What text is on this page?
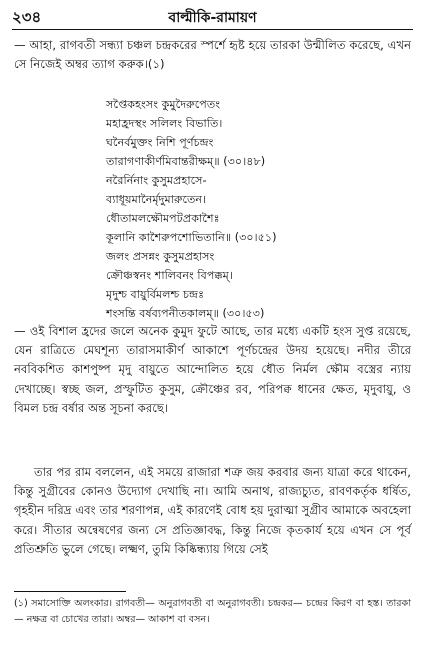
২৩৪	বাল্মীকি-রামায়ণ

— আহা, রাগবতী সন্ধ্যা চঞ্চল চন্দ্রকরের স্পর্শে হৃষ্ট হয়ে তারকা উন্মীলিত করেছে, এখন সে নিজেই অম্বর ত্যাগ করুক।(১)

সপ্তৈকহংসং কুমুদৈরুপেতং
মহাহ্রদস্থং সলিলং বিভাতি।
ঘনৈর্বমুক্তং নিশি পূর্ণচন্দ্রং
তারাগণাকীর্ণমিবান্তরীক্ষম্॥ (৩০।৪৮)
নরৈর্নিনাং কুসুমপ্রহাসে-
ব্যাধূয়মানৈর্মৃদুমারুতেন।
ধৌতামলক্ষৌমপটপ্রকাশৈঃ
কূলানি কাশৈরুপশোভিতানি॥ (৩০।৫১)
জলং প্রসন্নং কুসুমপ্রহাসং
ক্রৌঞ্চস্বনং শালিবনং বিপক্কম্।
মৃদুশ্চ বায়ুর্বিমলশ্চ চন্দ্রঃ
শংসন্তি বর্ষব্যপনীতকালম্॥ (৩০।৫৩)

— ওই বিশাল হ্রদের জলে অনেক কুমুদ ফুটে আছে, তার মধ্যে একটি হংস সুপ্ত রয়েছে, যেন রাত্রিতে মেঘশূন্য তারাসমাকীর্ণ আকাশে পূর্ণচন্দ্রের উদয় হয়েছে। নদীর তীরে নববিকশিত কাশপুষ্প মৃদু বায়ুতে আন্দোলিত হয়ে ধৌত নির্মল ক্ষৌম বস্ত্রের ন্যায় দেখাচ্ছে। স্বচ্ছ জল, প্রস্ফুটিত কুসুম, ক্রৌঞ্চের রব, পরিপক্ব ধানের ক্ষেত, মৃদুবায়ু, ও বিমল চন্দ্র বর্ষার অন্ত সূচনা করছে।

তার পর রাম বললেন, এই সময়ে রাজারা শত্রু জয় করবার জন্য যাত্রা করে থাকেন, কিন্তু সুগ্রীবের কোনও উদ্যোগ দেখাছি না। আমি অনাথ, রাজ্যচ্যুত, রাবণকর্তৃক ধর্ষিত, গৃহহীন দরিদ্র এবং তার শরণাপন্ন, এই কারণেই বোধ হয় দুরাত্মা সুগ্রীব আমাকে অবহেলা করে। সীতার অন্বেষণের জন্য সে প্রতিজ্ঞাবদ্ধ, কিন্তু নিজে কৃতকার্য হয়ে এখন সে পূর্ব প্রতিশ্রুতি ভুলে গেছে। লক্ষ্মণ, তুমি কিষ্কিন্ধ্যায় গিয়ে সেই

(১) সমাসোক্তি অলংকার। রাগবতী— অনুরাগবতী বা অনুরাগবতী। চন্দ্রকর— চন্দ্রের কিরণ বা হস্ত। তারকা— নক্ষত্র বা চোখের তারা। অম্বর— আকাশ বা বসন।
